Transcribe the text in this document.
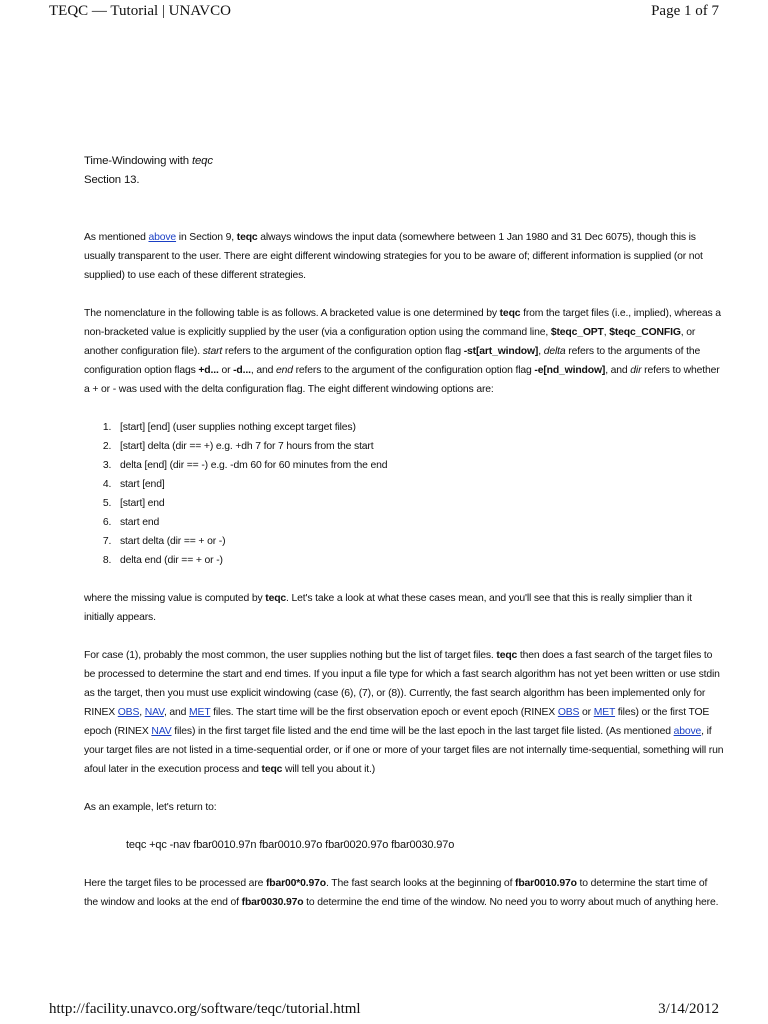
TEQC — Tutorial | UNAVCO	Page 1 of 7
Time-Windowing with teqc
Section 13.

As mentioned above in Section 9, teqc always windows the input data (somewhere between 1 Jan 1980 and 31 Dec 6075), though this is usually transparent to the user. There are eight different windowing strategies for you to be aware of; different information is supplied (or not supplied) to use each of these different strategies.

The nomenclature in the following table is as follows. A bracketed value is one determined by teqc from the target files (i.e., implied), whereas a non-bracketed value is explicitly supplied by the user (via a configuration option using the command line, $teqc_OPT, $teqc_CONFIG, or another configuration file). start refers to the argument of the configuration option flag -st[art_window], delta refers to the arguments of the configuration option flags +d... or -d..., and end refers to the argument of the configuration option flag -e[nd_window], and dir refers to whether a + or - was used with the delta configuration flag. The eight different windowing options are:

1. [start] [end] (user supplies nothing except target files)
2. [start] delta (dir == +) e.g. +dh 7 for 7 hours from the start
3. delta [end] (dir == -) e.g. -dm 60 for 60 minutes from the end
4. start [end]
5. [start] end
6. start end
7. start delta (dir == + or -)
8. delta end (dir == + or -)

where the missing value is computed by teqc. Let's take a look at what these cases mean, and you'll see that this is really simplier than it initially appears.

For case (1), probably the most common, the user supplies nothing but the list of target files. teqc then does a fast search of the target files to be processed to determine the start and end times. If you input a file type for which a fast search algorithm has not yet been written or use stdin as the target, then you must use explicit windowing (case (6), (7), or (8)). Currently, the fast search algorithm has been implemented only for RINEX OBS, NAV, and MET files. The start time will be the first observation epoch or event epoch (RINEX OBS or MET files) or the first TOE epoch (RINEX NAV files) in the first target file listed and the end time will be the last epoch in the last target file listed. (As mentioned above, if your target files are not listed in a time-sequential order, or if one or more of your target files are not internally time-sequential, something will run afoul later in the execution process and teqc will tell you about it.)

As an example, let's return to:

teqc +qc -nav fbar0010.97n fbar0010.97o fbar0020.97o fbar0030.97o

Here the target files to be processed are fbar00*0.97o. The fast search looks at the beginning of fbar0010.97o to determine the start time of the window and looks at the end of fbar0030.97o to determine the end time of the window. No need you to worry about much of anything here.

http://facility.unavco.org/software/teqc/tutorial.html	3/14/2012
